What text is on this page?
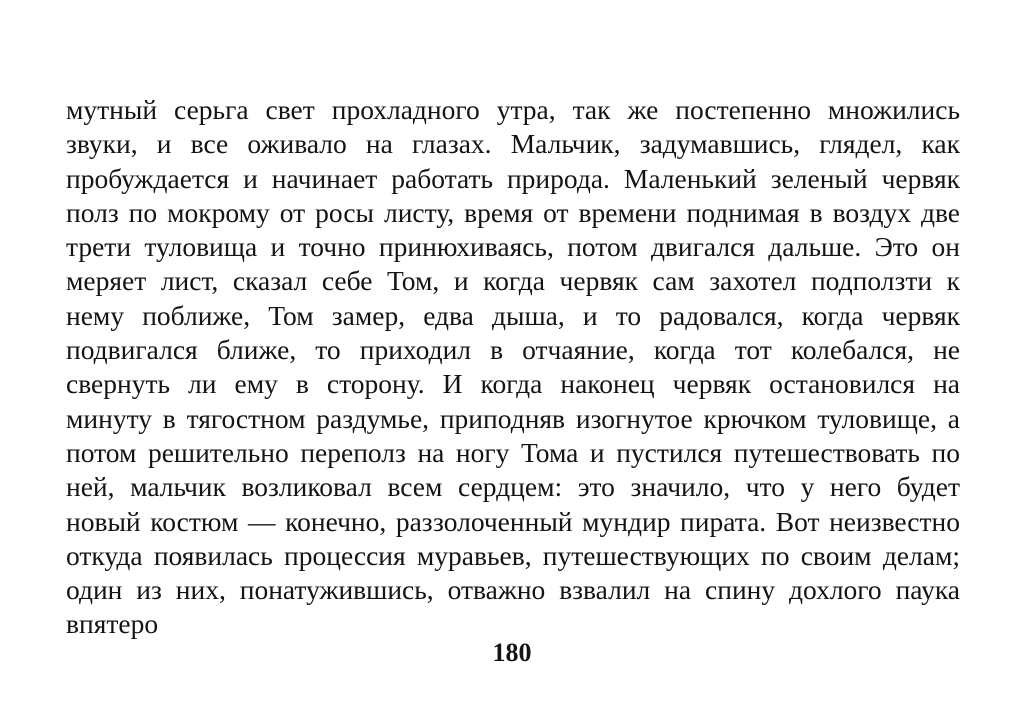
мутный серьга свет прохладного утра, так же постепенно множились
звуки, и все оживало на глазах. Мальчик, задумавшись, глядел, как
пробуждается и начинает работать природа. Маленький зеленый червяк
полз по мокрому от росы листу, время от времени поднимая в воздух две
трети туловища и точно принюхиваясь, потом двигался дальше. Это он
меряет лист, сказал себе Том, и когда червяк сам захотел подползти к
нему поближе, Том замер, едва дыша, и то радовался, когда червяк
подвигался ближе, то приходил в отчаяние, когда тот колебался, не
свернуть ли ему в сторону. И когда наконец червяк остановился на
минуту в тягостном раздумье, приподняв изогнутое крючком туловище, а
потом решительно переполз на ногу Тома и пустился путешествовать по
ней, мальчик возликовал всем сердцем: это значило, что у него будет
новый костюм — конечно, раззолоченный мундир пирата. Вот неизвестно
откуда появилась процессия муравьев, путешествующих по своим делам;
один из них, понатужившись, отважно взвалил на спину дохлого паука
впятеро
180
